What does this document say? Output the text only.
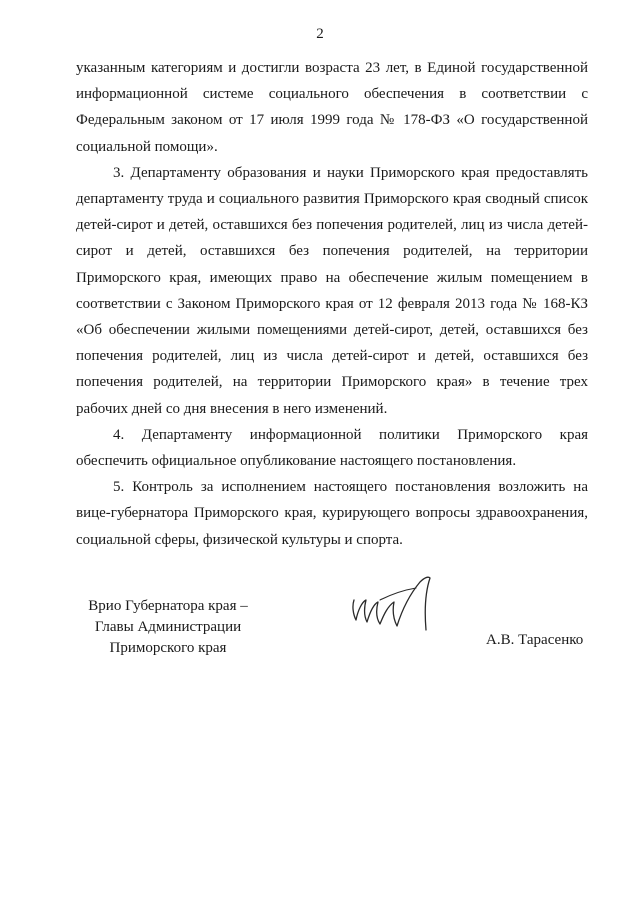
2

указанным категориям и достигли возраста 23 лет, в Единой государственной информационной системе социального обеспечения в соответствии с Федеральным законом от 17 июля 1999 года № 178-ФЗ «О государственной социальной помощи».

3. Департаменту образования и науки Приморского края предоставлять департаменту труда и социального развития Приморского края сводный список детей-сирот и детей, оставшихся без попечения родителей, лиц из числа детей-сирот и детей, оставшихся без попечения родителей, на территории Приморского края, имеющих право на обеспечение жилым помещением в соответствии с Законом Приморского края от 12 февраля 2013 года № 168-КЗ «Об обеспечении жилыми помещениями детей-сирот, детей, оставшихся без попечения родителей, лиц из числа детей-сирот и детей, оставшихся без попечения родителей, на территории Приморского края» в течение трех рабочих дней со дня внесения в него изменений.

4. Департаменту информационной политики Приморского края обеспечить официальное опубликование настоящего постановления.

5. Контроль за исполнением настоящего постановления возложить на вице-губернатора Приморского края, курирующего вопросы здравоохранения, социальной сферы, физической культуры и спорта.

Врио Губернатора края –
Главы Администрации
Приморского края	А.В. Тарасенко
